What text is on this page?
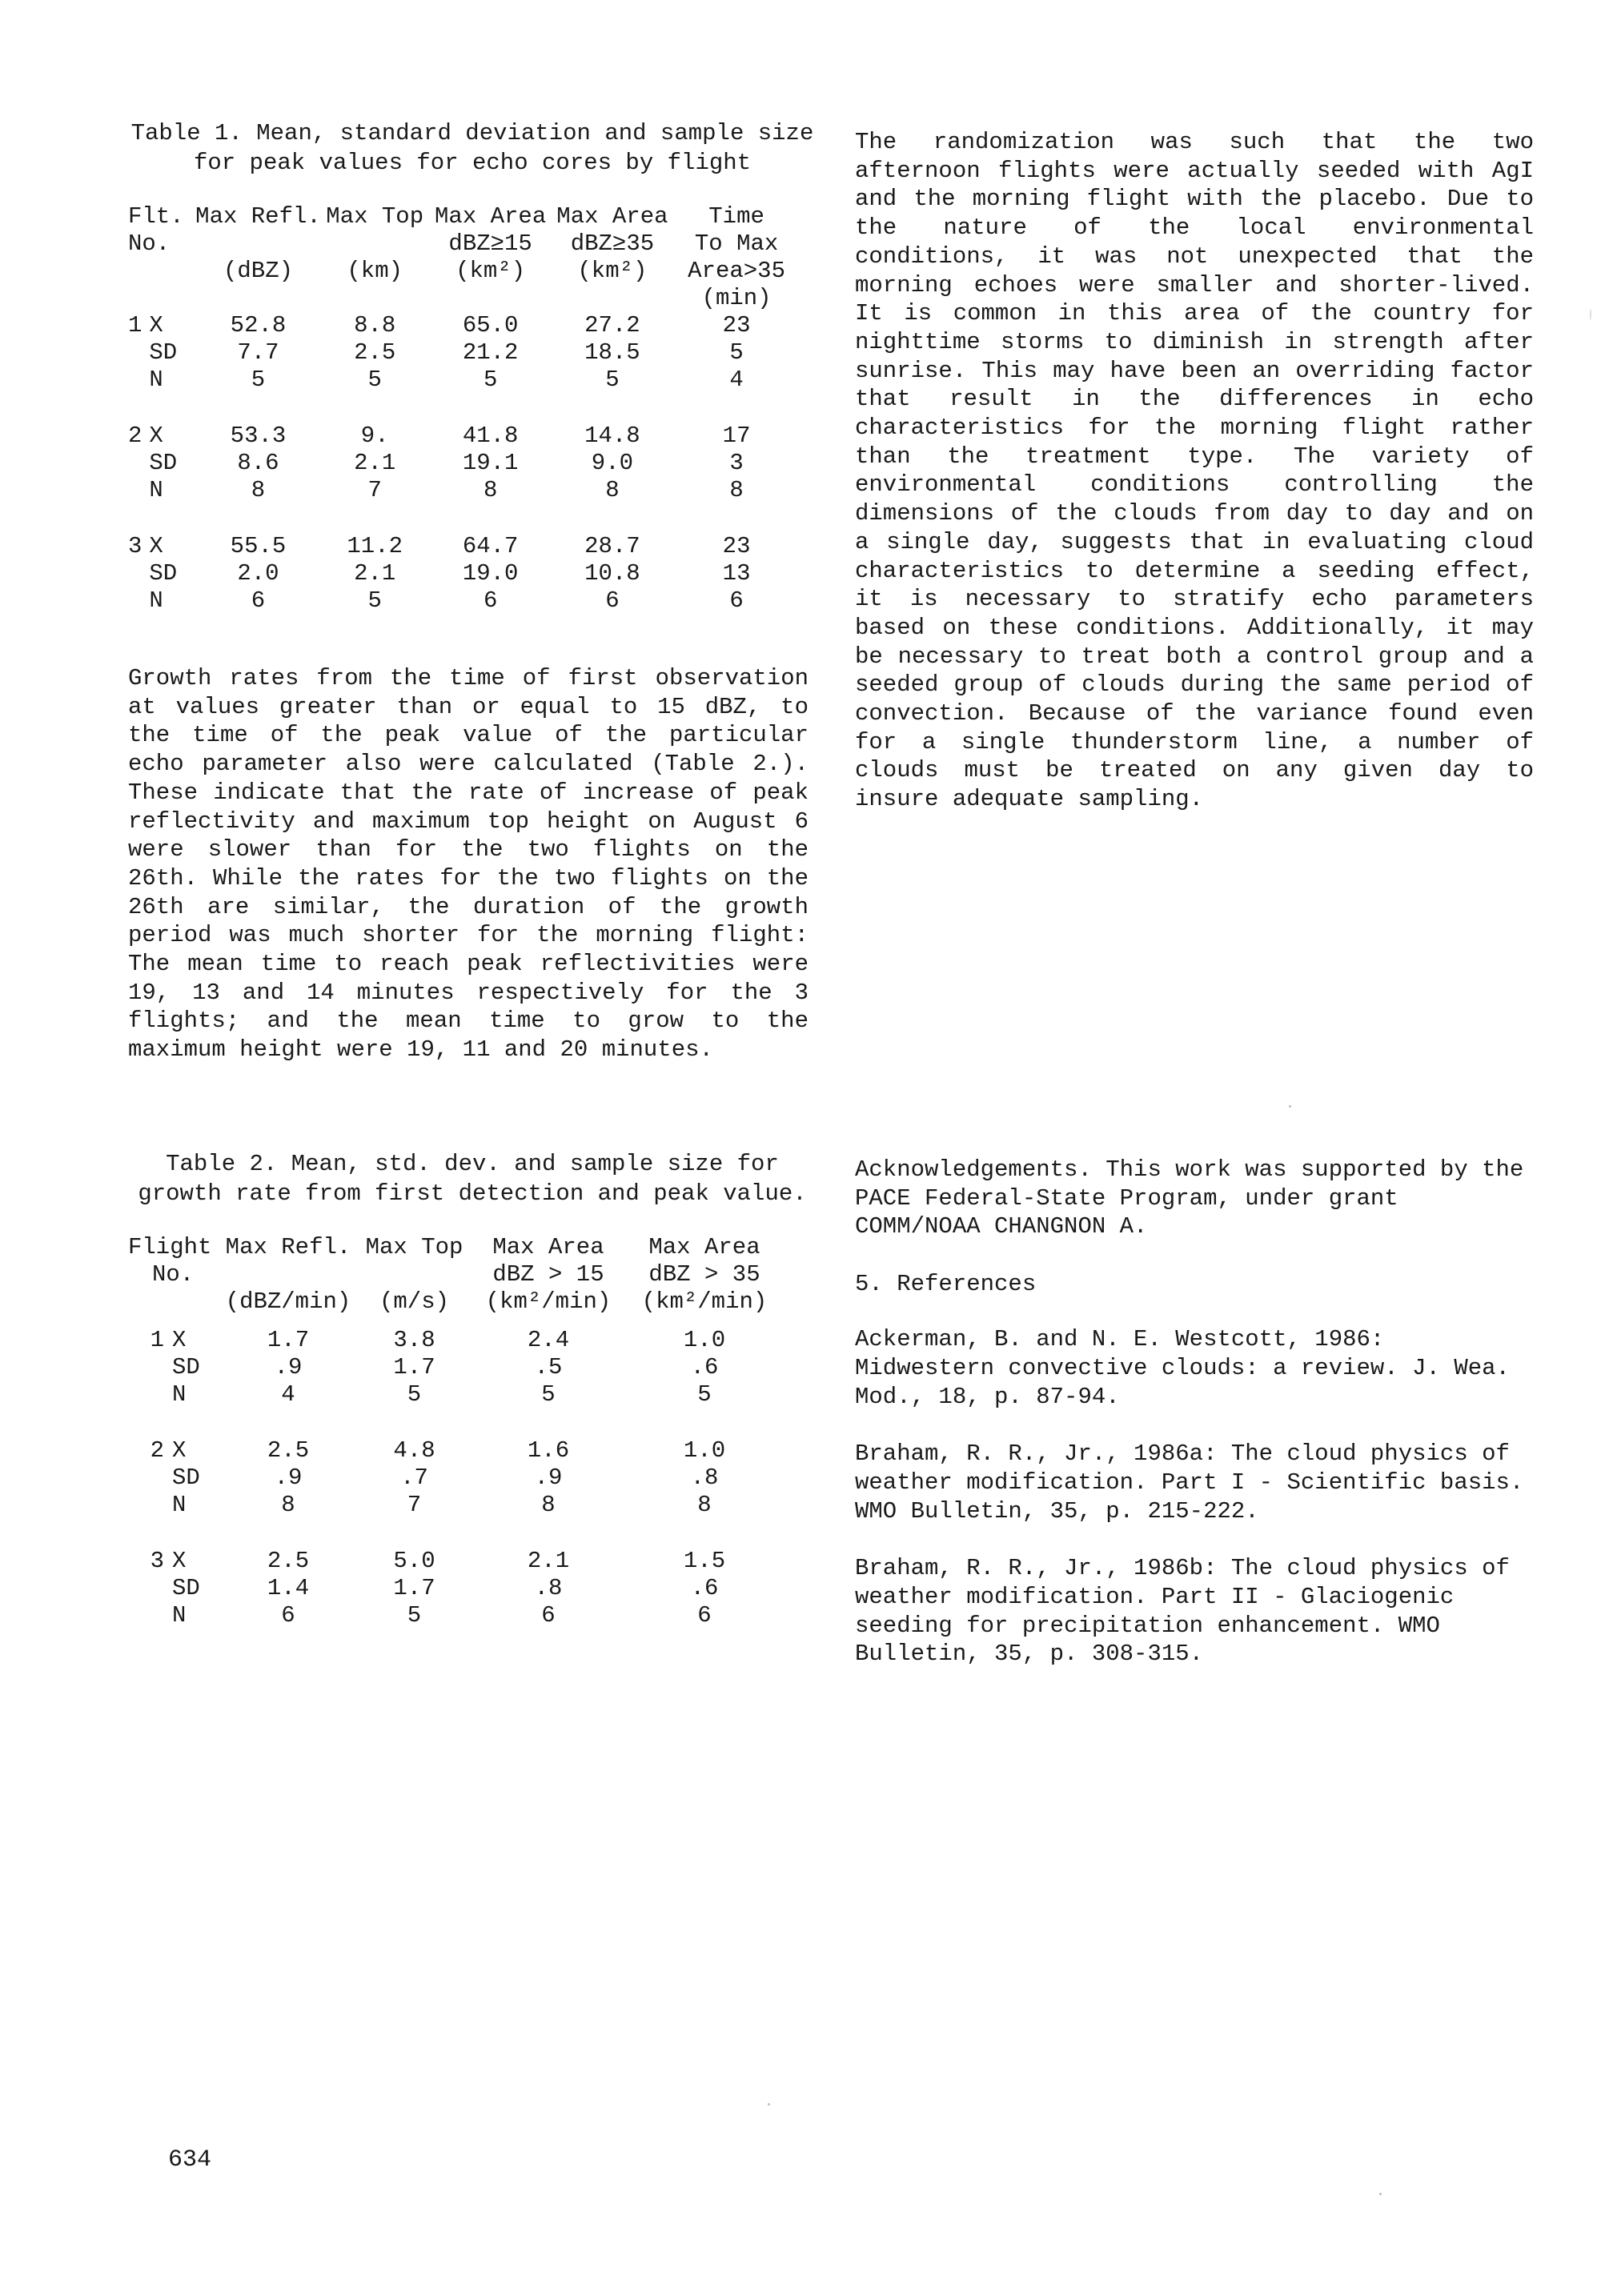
Table 1. Mean, standard deviation and sample size for peak values for echo cores by flight

Flt.		Max Refl.	Max Top	Max Area	Max Area	Time
No.				dBZ≥15	dBZ≥35	To Max
		(dBZ)	(km)	(km²)	(km²)	Area>35
						(min)
1	X	52.8	8.8	65.0	27.2	23
	SD	7.7	2.5	21.2	18.5	5
	N	5	5	5	5	4

2	X	53.3	9.	41.8	14.8	17
	SD	8.6	2.1	19.1	9.0	3
	N	8	7	8	8	8

3	X	55.5	11.2	64.7	28.7	23
	SD	2.0	2.1	19.0	10.8	13
	N	6	5	6	6	6

Growth rates from the time of first observation at values greater than or equal to 15 dBZ, to the time of the peak value of the particular echo parameter also were calculated (Table 2.). These indicate that the rate of increase of peak reflectivity and maximum top height on August 6 were slower than for the two flights on the 26th. While the rates for the two flights on the 26th are similar, the duration of the growth period was much shorter for the morning flight: The mean time to reach peak reflectivities were 19, 13 and 14 minutes respectively for the 3 flights; and the mean time to grow to the maximum height were 19, 11 and 20 minutes.

Table 2. Mean, std. dev. and sample size for growth rate from first detection and peak value.

Flight		Max Refl.	Max Top	Max Area	Max Area
No.				dBZ > 15	dBZ > 35
		(dBZ/min)	(m/s)	(km²/min)	(km²/min)

1	X	1.7	3.8	2.4	1.0
	SD	.9	1.7	.5	.6
	N	4	5	5	5

2	X	2.5	4.8	1.6	1.0
	SD	.9	.7	.9	.8
	N	8	7	8	8

3	X	2.5	5.0	2.1	1.5
	SD	1.4	1.7	.8	.6
	N	6	5	6	6

The randomization was such that the two afternoon flights were actually seeded with AgI and the morning flight with the placebo. Due to the nature of the local environmental conditions, it was not unexpected that the morning echoes were smaller and shorter-lived. It is common in this area of the country for nighttime storms to diminish in strength after sunrise. This may have been an overriding factor that result in the differences in echo characteristics for the morning flight rather than the treatment type. The variety of environmental conditions controlling the dimensions of the clouds from day to day and on a single day, suggests that in evaluating cloud characteristics to determine a seeding effect, it is necessary to stratify echo parameters based on these conditions. Additionally, it may be necessary to treat both a control group and a seeded group of clouds during the same period of convection. Because of the variance found even for a single thunderstorm line, a number of clouds must be treated on any given day to insure adequate sampling.

Acknowledgements. This work was supported by the PACE Federal-State Program, under grant COMM/NOAA CHANGNON A.

5. References

Ackerman, B. and N. E. Westcott, 1986: Midwestern convective clouds: a review. J. Wea. Mod., 18, p. 87-94.

Braham, R. R., Jr., 1986a: The cloud physics of weather modification. Part I - Scientific basis. WMO Bulletin, 35, p. 215-222.

Braham, R. R., Jr., 1986b: The cloud physics of weather modification. Part II - Glaciogenic seeding for precipitation enhancement. WMO Bulletin, 35, p. 308-315.

634
